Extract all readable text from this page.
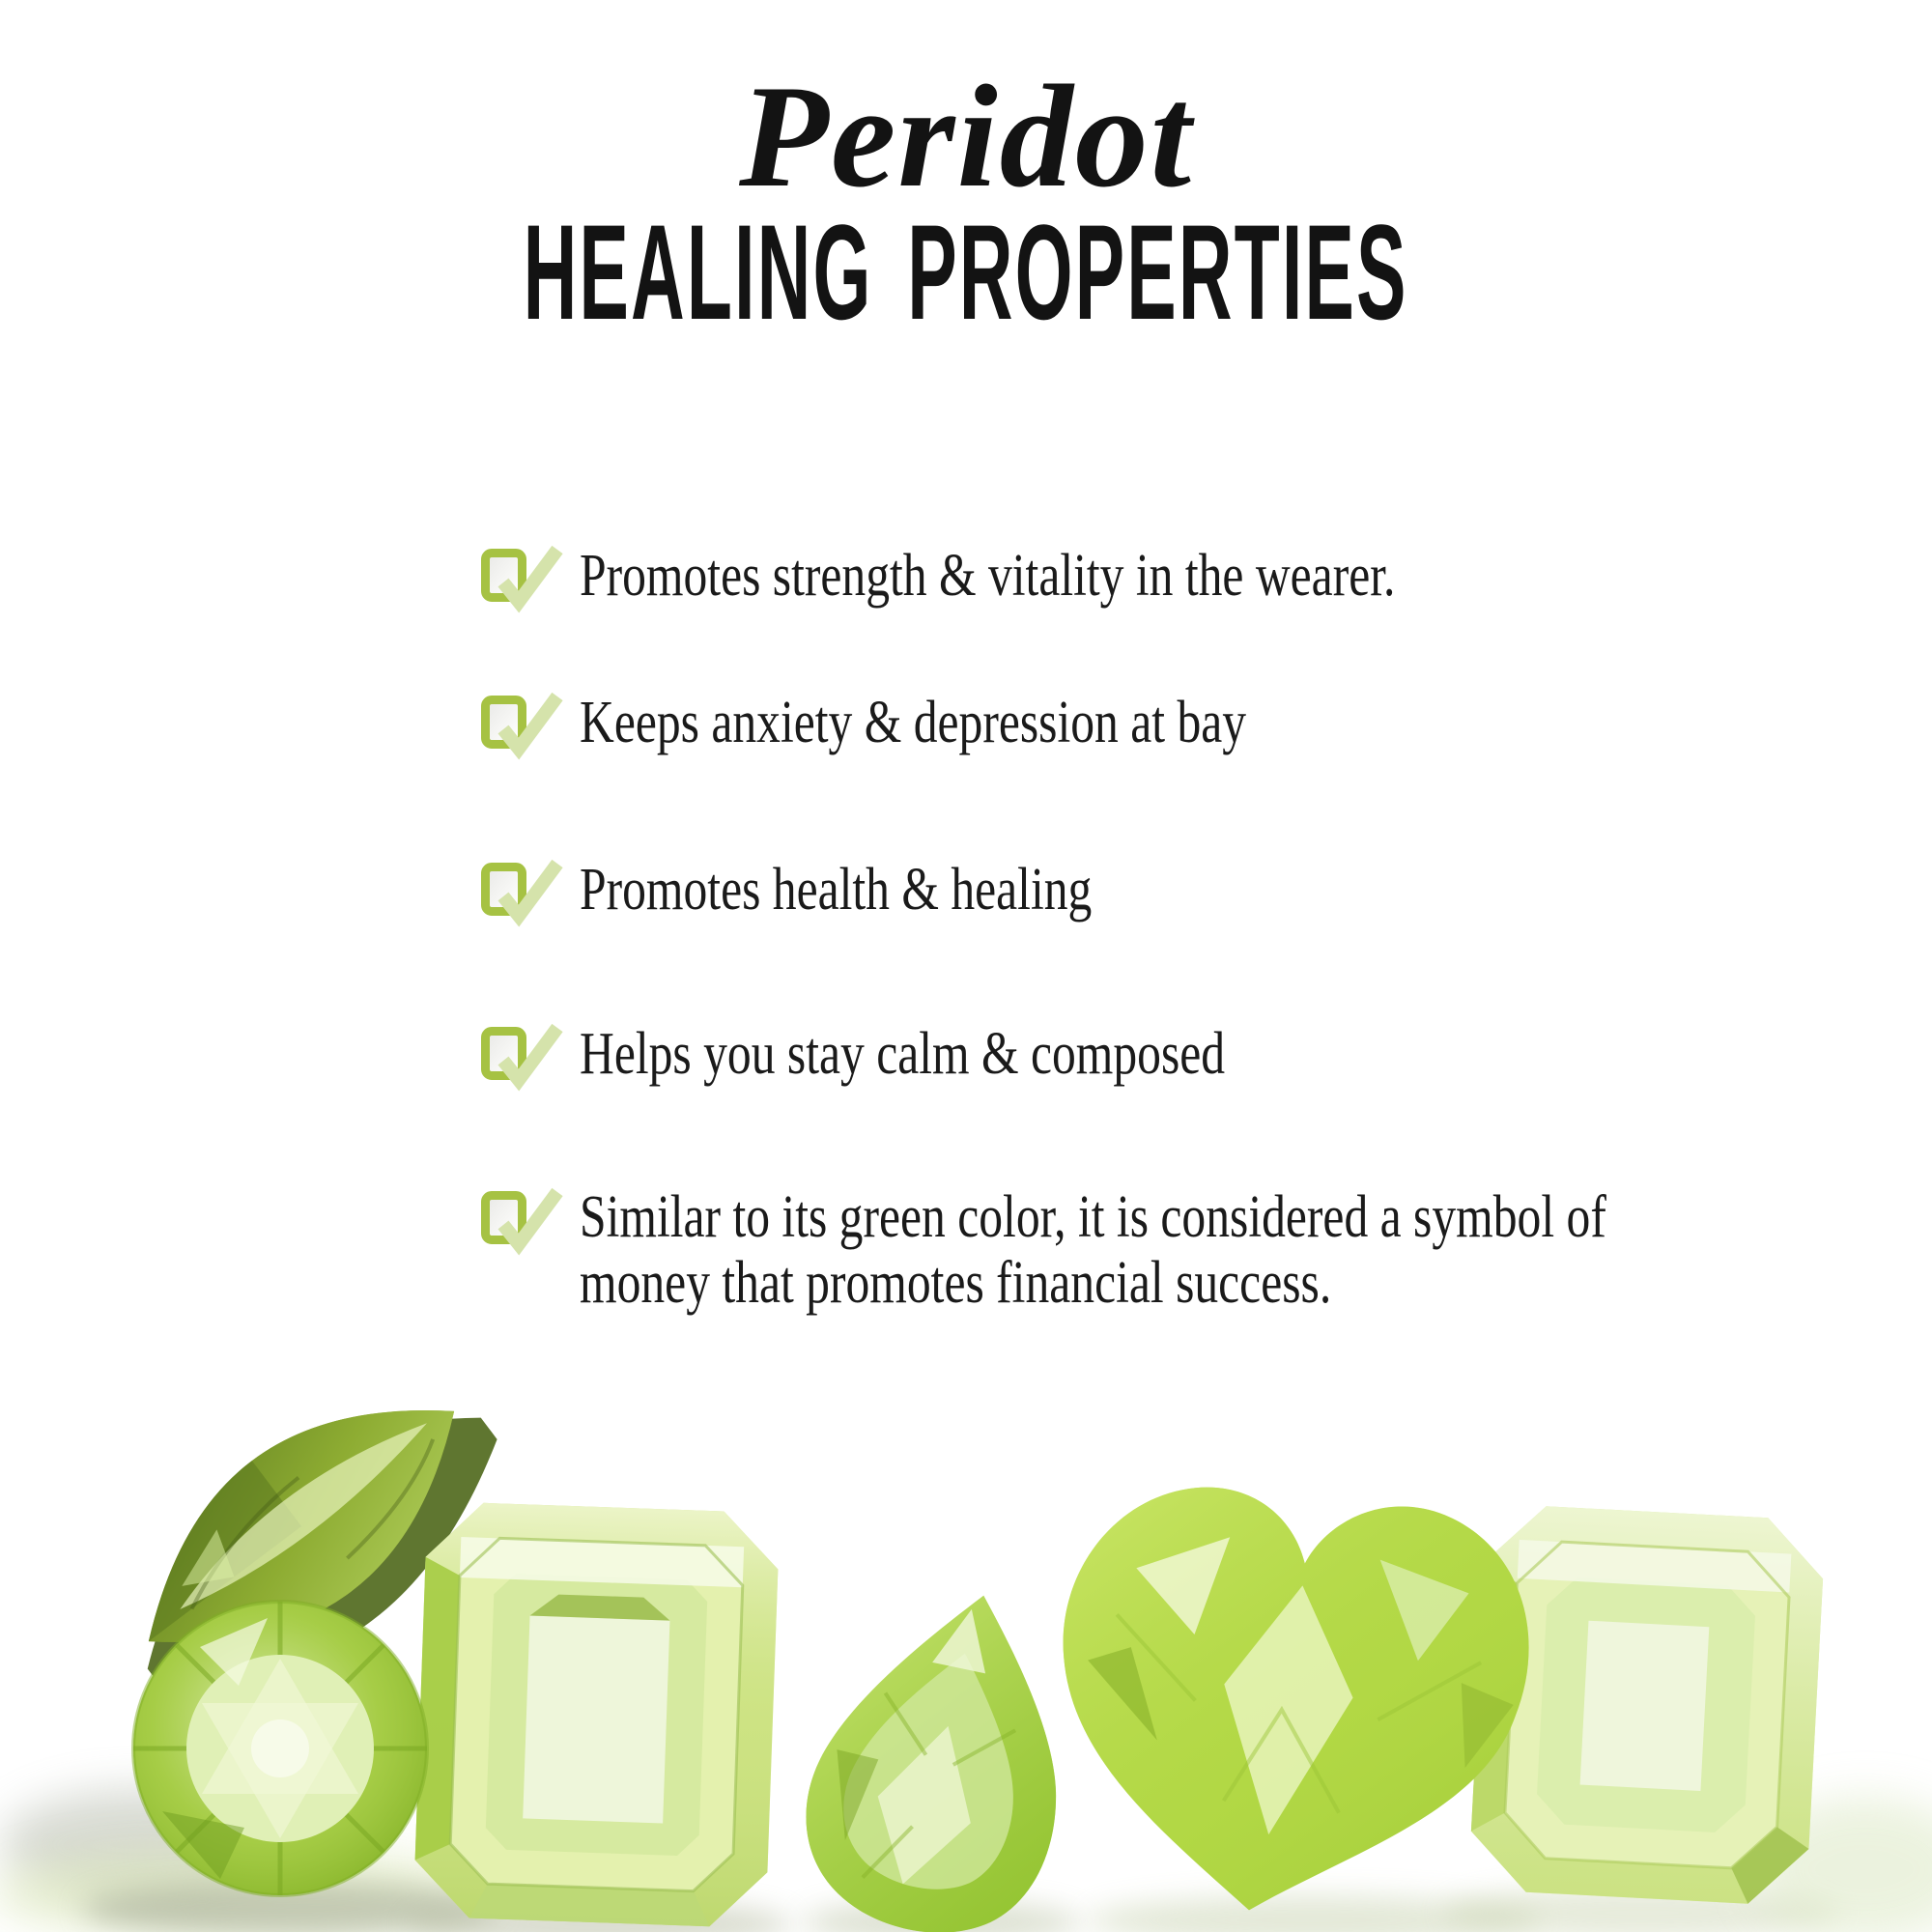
Peridot
HEALING PROPERTIES
Promotes strength & vitality in the wearer.
Keeps anxiety & depression at bay
Promotes health & healing
Helps you stay calm & composed
Similar to its green color, it is considered a symbol of money that promotes financial success.
